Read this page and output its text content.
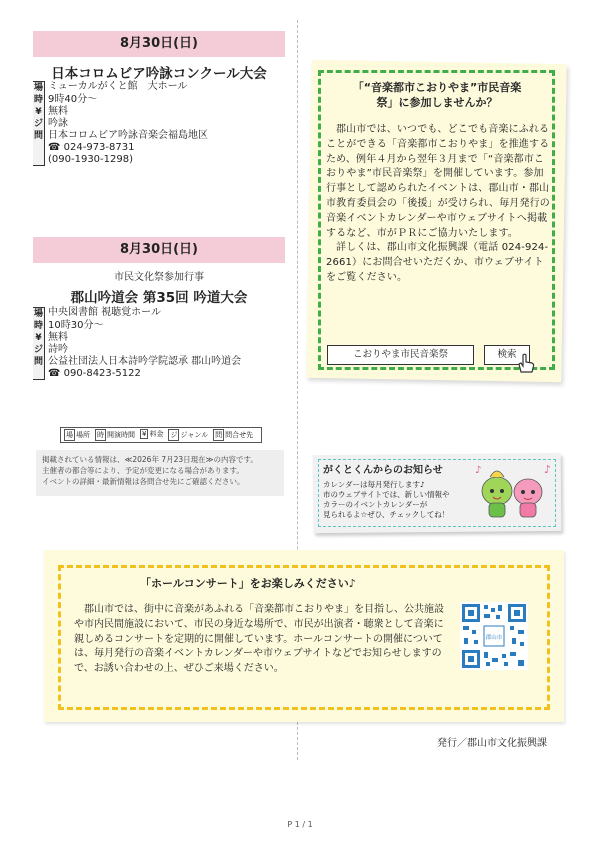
8月30日(日)
日本コロムビア吟詠コンクール大会
場 ミューカルがくと館　大ホール
時 9時40分～
¥ 無料
ジ 吟詠
問 日本コロムビア吟詠音楽会福島地区
☎ 024-973-8731
(090-1930-1298)
8月30日(日)
市民文化祭参加行事
郡山吟道会 第35回 吟道大会
場 中央図書館 視聴覚ホール
時 10時30分～
¥ 無料
ジ 詩吟
問 公益社団法人日本詩吟学院認承 郡山吟道会
☎ 090-8423-5122
場 場所 時 開演時間 ¥ 料金 ジ ジャンル 問 問合せ先
掲載されている情報は、≪2026年 7月23日現在≫の内容です。
主催者の都合等により、予定が変更になる場合があります。
イベントの詳細・最新情報は各問合せ先にご確認ください。
「“音楽都市こおりやま”市民音楽
祭」に参加しませんか？

郡山市では、いつでも、どこでも音楽にふれることができる「音楽都市こおりやま」を推進するため、例年４月から翌年３月まで「“音楽都市こおりやま”市民音楽祭」を開催しています。参加行事として認められたイベントは、郡山市・郡山市教育委員会の「後援」が受けられ、毎月発行の音楽イベントカレンダーや市ウェブサイトへ掲載するなど、市がＰＲにご協力いたします。

詳しくは、郡山市文化振興課（電話 024-924-2661）にお問合せいただくか、市ウェブサイトをご覧ください。

こおりやま市民音楽祭	検索
がくとくんからのお知らせ
カレンダーは毎月発行します♪
市のウェブサイトでは、新しい情報や
カラーのイベントカレンダーが
見られるよ☆ぜひ、チェックしてね！
♪
♪
「ホールコンサート」をお楽しみください♪

郡山市では、街中に音楽があふれる「音楽都市こおりやま」を目指し、公共施設や市内民間施設において、市民の身近な場所で、市民が出演者・聴衆として音楽に親しめるコンサートを定期的に開催しています。ホールコンサートの開催については、毎月発行の音楽イベントカレンダーや市ウェブサイトなどでお知らせしますので、お誘い合わせの上、ぜひご来場ください。

郡山市
発行／郡山市文化振興課
P 1 / 1
